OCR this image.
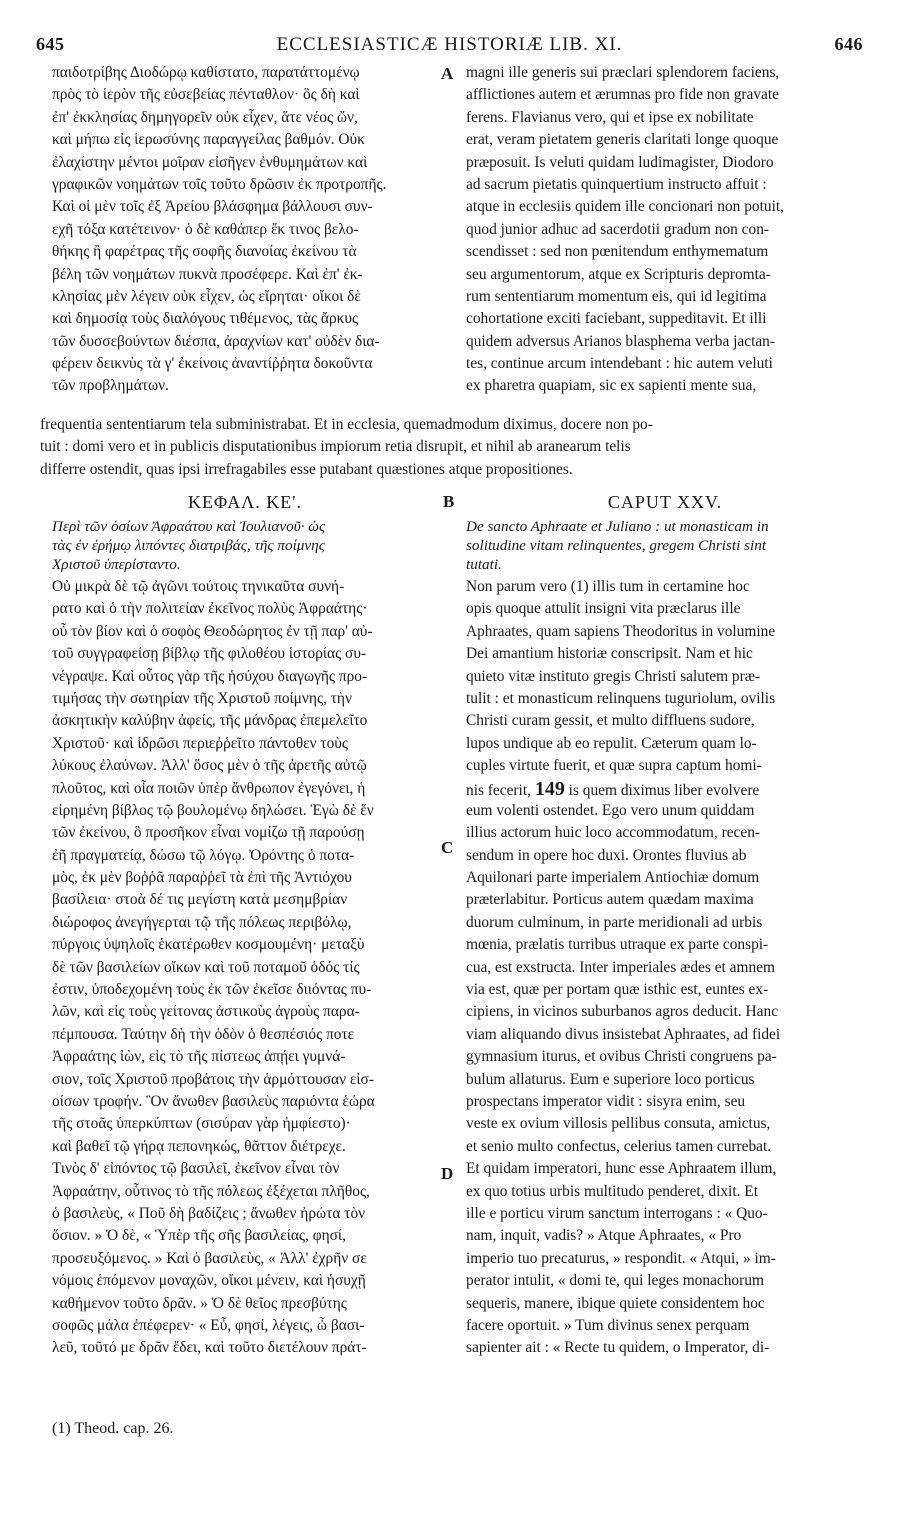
645	ECCLESIASTICÆ HISTORIÆ LIB. XI.	646
παιδοτρίβης Διοδώρῳ καθίστατο, παρατάττομένῳ
πρὸς τὸ ἱερὸν τῆς εὐσεβείας πένταθλον· ὃς δὴ καὶ
ἐπ' ἐκκλησίας δημηγορεῖν οὐκ εἶχεν, ἅτε νέος ὤν,
καὶ μήπω εἰς ἱερωσύνης παραγγείλας βαθμόν. Οὐκ
ἐλαχίστην μέντοι μοῖραν εἰσῆγεν ἐνθυμημάτων καὶ
γραφικῶν νοημάτων τοῖς τοῦτο δρῶσιν ἐκ προτροπῆς.
Καὶ οἱ μὲν τοῖς ἐξ Ἀρείου βλάσφημα βάλλουσι συν-
εχῆ τόξα κατέτεινον· ὁ δὲ καθάπερ ἔκ τινος βελο-
θήκης ἢ φαρέτρας τῆς σοφῆς διανοίας ἐκείνου τὰ
βέλη τῶν νοημάτων πυκνὰ προσέφερε. Καὶ ἐπ' ἐκ-
κλησίας μὲν λέγειν οὐκ εἶχεν, ὡς εἴρηται· οἴκοι δὲ
καὶ δημοσίᾳ τοὺς διαλόγους τιθέμενος, τὰς ἄρκυς
τῶν δυσσεβούντων διέσπα, ἀραχνίων κατ' οὐδὲν δια-
φέρειν δεικνὺς τὰ γ' ἐκείνοις ἀναντίῤῥητα δοκοῦντα
τῶν προβλημάτων.
A magni ille generis sui præclari splendorem faciens,
afflictiones autem et ærumnas pro fide non gravate
ferens. Flavianus vero, qui et ipse ex nobilitate
erat, veram pietatem generis claritati longe quoque
præposuit. Is veluti quidam ludimagister, Diodoro
ad sacrum pietatis quinquertium instructo affuit :
atque in ecclesiis quidem ille concionari non potuit,
quod junior adhuc ad sacerdotii gradum non con-
scendisset : sed non pœnitendum enthymematum
seu argumentorum, atque ex Scripturis depromta-
rum sententiarum momentum eis, qui id legitima
cohortatione exciti faciebant, suppeditavit. Et illi
quidem adversus Arianos blasphema verba jactan-
tes, continue arcum intendebant : hic autem veluti
ex pharetra quapiam, sic ex sapienti mente sua,
frequentia sententiarum tela subministrabat. Et in ecclesia, quemadmodum diximus, docere non po-
tuit : domi vero et in publicis disputationibus impiorum retia disrupit, et nihil ab aranearum telis
differre ostendit, quas ipsi irrefragabiles esse putabant quæstiones atque propositiones.
ΚΕΦΑΛ. ΚΕ'.	B	CAPUT XXV.
Περὶ τῶν ὁσίων Ἀφραάτου καὶ Ἰουλιανοῦ· ὡς
τὰς ἐν ἐρήμῳ λιπόντες διατριβάς, τῆς ποίμνης
Χριστοῦ ὑπερίσταντο.
De sancto Aphraate et Juliano : ut monasticam in
solitudine vitam relinquentes, gregem Christi sint
tutati.
Οὐ μικρὰ δὲ τῷ ἀγῶνι τούτοις τηνικαῦτα συνή-
ρατο καὶ ὁ τὴν πολιτείαν ἐκεῖνος πολὺς Ἀφραάτης·
οὗ τὸν βίον καὶ ὁ σοφὸς Θεοδώρητος ἐν τῇ παρ' αὐ-
τοῦ συγγραφείσῃ βίβλῳ τῆς φιλοθέου ἱστορίας συ-
νέγραψε. Καὶ οὗτος γὰρ τῆς ἡσύχου διαγωγῆς προ-
τιμήσας τὴν σωτηρίαν τῆς Χριστοῦ ποίμνης, τὴν
ἀσκητικὴν καλύβην ἀφείς, τῆς μάνδρας ἐπεμελεῖτο
Χριστοῦ· καὶ ἱδρῶσι περιεῤῥεῖτο πάντοθεν τοὺς
λύκους ἐλαύνων. Ἀλλ' ὅσος μὲν ὁ τῆς ἀρετῆς αὐτῷ
πλοῦτος, καὶ οἷα ποιῶν ὑπὲρ ἄνθρωπον ἐγεγόνει, ἡ
εἰρημένη βίβλος τῷ βουλομένῳ δηλώσει. Ἐγὼ δὲ ἕν
τῶν ἐκείνου, ὃ προσῆκον εἶναι νομίζω τῇ παρούσῃ
ἐῆ πραγματείᾳ, δώσω τῷ λόγῳ. Ὀρόντης ὁ ποτα-
μὸς, ἐκ μὲν βοῤῥᾶ παραῤῥεῖ τὰ ἐπὶ τῆς Ἀντιόχου
βασίλεια· στοὰ δέ τις μεγίστη κατὰ μεσημβρίαν
διώροφος ἀνεγήγερται τῷ τῆς πόλεως περιβόλῳ,
πύργοις ὑψηλοῖς ἑκατέρωθεν κοσμουμένη· μεταξὺ
δὲ τῶν βασιλείων οἴκων καὶ τοῦ ποταμοῦ ὁδός τίς
ἐστιν, ὑποδεχομένη τοὺς ἐκ τῶν ἐκεῖσε διιόντας πυ-
λῶν, καὶ εἰς τοὺς γείτονας ἀστικοὺς ἀγροὺς παρα-
πέμπουσα. Ταύτην δὴ τὴν ὁδὸν ὁ θεσπέσιός ποτε
Ἀφραάτης ἰὼν, εἰς τὸ τῆς πίστεως ἀπῄει γυμνά-
σιον, τοῖς Χριστοῦ προβάτοις τὴν ἁρμόττουσαν εἰσ-
οίσων τροφήν. Ὃν ἄνωθεν βασιλεὺς παριόντα ἑώρα
τῆς στοᾶς ὑπερκύπτων (σισύραν γὰρ ἠμφίεστο)·
καὶ βαθεῖ τῷ γήρᾳ πεπονηκώς, θᾶττον διέτρεχε.
Τινὸς δ' εἰπόντος τῷ βασιλεῖ, ἐκεῖνον εἶναι τὸν
Ἀφραάτην, οὗτινος τὸ τῆς πόλεως ἐξέχεται πλῆθος,
ὁ βασιλεὺς, « Ποῦ δὴ βαδίζεις ; ἄνωθεν ἠρώτα τὸν
ὅσιον. » Ὁ δὲ, « Ὑπὲρ τῆς σῆς βασιλείας, φησί,
προσευξόμενος. » Καὶ ὁ βασιλεὺς, « Ἀλλ' ἐχρῆν σε
νόμοις ἑπόμενον μοναχῶν, οἴκοι μένειν, καὶ ἡσυχῇ
καθήμενον τοῦτο δρᾶν. » Ὁ δὲ θεῖος πρεσβύτης
σοφῶς μάλα ἐπέφερεν· « Εὖ, φησί, λέγεις, ὦ βασι-
λεῦ, τοῦτό με δρᾶν ἔδει, καὶ τοῦτο διετέλουν πράτ-
C
D
Non parum vero (1) illis tum in certamine hoc
opis quoque attulit insigni vita præclarus ille
Aphraates, quam sapiens Theodoritus in volumine
Dei amantium historiæ conscripsit. Nam et hic
quieto vitæ instituto gregis Christi salutem præ-
tulit : et monasticum relinquens tuguriolum, ovilis
Christi curam gessit, et multo diffluens sudore,
lupos undique ab eo repulit. Cæterum quam lo-
cuples virtute fuerit, et quæ supra captum homi-
nis fecerit, 149 is quem diximus liber evolvere
eum volenti ostendet. Ego vero unum quiddam
illius actorum huic loco accommodatum, recen-
sendum in opere hoc duxi. Orontes fluvius ab
Aquilonari parte imperialem Antiochiæ domum
præterlabitur. Porticus autem quædam maxima
duorum culminum, in parte meridionali ad urbis
mœnia, prælatis turribus utraque ex parte conspi-
cua, est exstructa. Inter imperiales ædes et amnem
via est, quæ per portam quæ isthic est, euntes ex-
cipiens, in vicinos suburbanos agros deducit. Hanc
viam aliquando divus insistebat Aphraates, ad fidei
gymnasium iturus, et ovibus Christi congruens pa-
bulum allaturus. Eum e superiore loco porticus
prospectans imperator vidit : sisyra enim, seu
veste ex ovium villosis pellibus consuta, amictus,
et senio multo confectus, celerius tamen currebat.
Et quidam imperatori, hunc esse Aphraatem illum,
ex quo totius urbis multitudo penderet, dixit. Et
ille e porticu virum sanctum interrogans : « Quo-
nam, inquit, vadis? » Atque Aphraates, « Pro
imperio tuo precaturus, » respondit. « Atqui, » im-
perator intulit, « domi te, qui leges monachorum
sequeris, manere, ibique quiete considentem hoc
facere oportuit. » Tum divinus senex perquam
sapienter ait : « Recte tu quidem, o Imperator, di-
(1) Theod. cap. 26.
